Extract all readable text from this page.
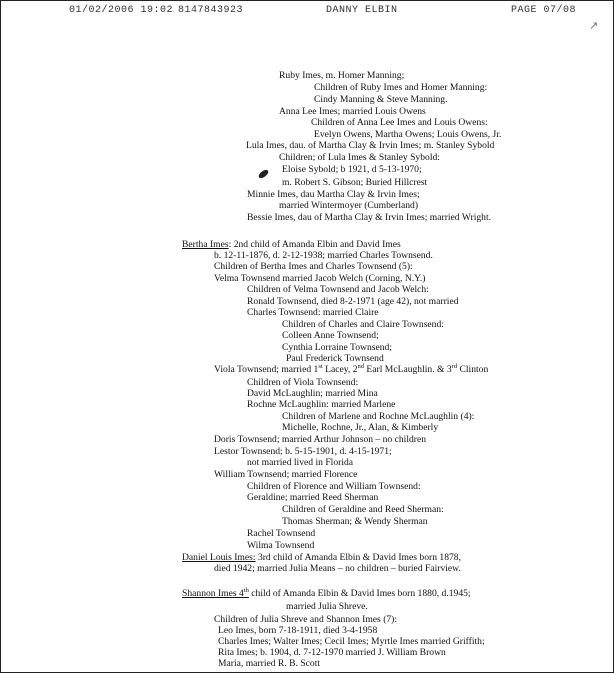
01/02/2006 19:02 8147843923	DANNY ELBIN	PAGE 07/08
↗
Ruby Imes, m. Homer Manning;
Children of Ruby Imes and Homer Manning:
Cindy Manning & Steve Manning.
Anna Lee Imes; married Louis Owens
Children of Anna Lee Imes and Louis Owens:
Evelyn Owens, Martha Owens; Louis Owens, Jr.
Lula Imes, dau. of Martha Clay & Irvin Imes; m. Stanley Sybold
Children; of Lula Imes & Stanley Sybold:
Eloise Sybold; b 1921, d 5-13-1970;
m. Robert S. Gibson; Buried Hillcrest
Minnie Imes, dau Martha Clay & Irvin Imes;
married Wintermoyer (Cumberland)
Bessie Imes, dau of Martha Clay & Irvin Imes; married Wright.
Bertha Imes: 2nd child of Amanda Elbin and David Imes
b. 12-11-1876, d. 2-12-1938; married Charles Townsend.
Children of Bertha Imes and Charles Townsend (5):
Velma Townsend married Jacob Welch (Corning, N.Y.)
Children of Velma Townsend and Jacob Welch:
Ronald Townsend, died 8-2-1971 (age 42), not married
Charles Townsend: married Claire
Children of Charles and Claire Townsend:
Colleen Anne Townsend;
Cynthia Lorraine Townsend;
Paul Frederick Townsend
Viola Townsend; married 1st Lacey, 2nd Earl McLaughlin. & 3rd Clinton
Children of Viola Townsend:
David McLaughlin; married Mina
Rochne McLaughlin: married Marlene
Children of Marlene and Rochne McLaughlin (4):
Michelle, Rochne, Jr., Alan, & Kimberly
Doris Townsend; married Arthur Johnson – no children
Lestor Townsend; b. 5-15-1901, d. 4-15-1971;
not married lived in Florida
William Townsend; married Florence
Children of Florence and William Townsend:
Geraldine; married Reed Sherman
Children of Geraldine and Reed Sherman:
Thomas Sherman; & Wendy Sherman
Rachel Townsend
Wilma Townsend
Daniel Louis Imes: 3rd child of Amanda Elbin & David Imes born 1878,
died 1942; married Julia Means – no children – buried Fairview.
Shannon Imes 4th child of Amanda Elbin & David Imes born 1880, d.1945;
married Julia Shreve.
Children of Julia Shreve and Shannon Imes (7):
Leo Imes, born 7-18-1911, died 3-4-1958
Charles Imes; Walter Imes; Cecil Imes; Myrtle Imes married Griffith;
Rita Imes; b. 1904, d. 7-12-1970 married J. William Brown
Maria, married R. B. Scott
